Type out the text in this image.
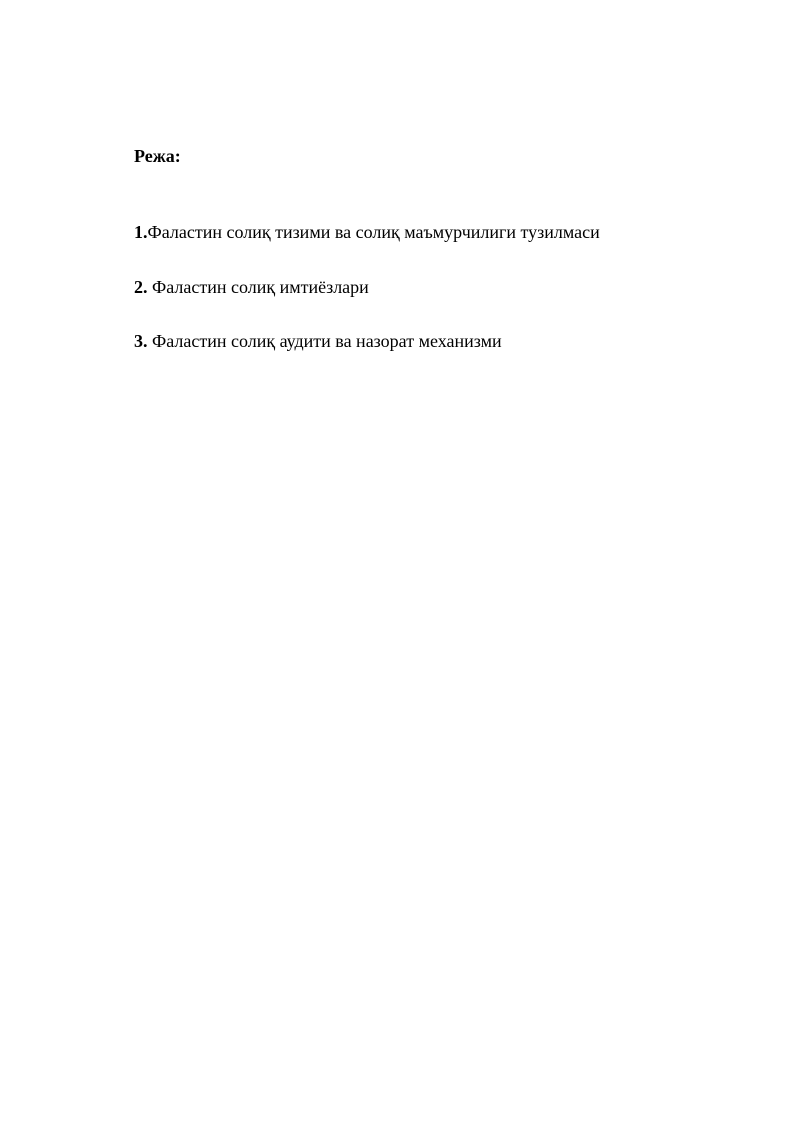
Режа:
1.Фаластин солиқ тизими ва солиқ маъмурчилиги тузилмаси
2. Фаластин солиқ имтиёзлари
3. Фаластин солиқ аудити ва назорат механизми
